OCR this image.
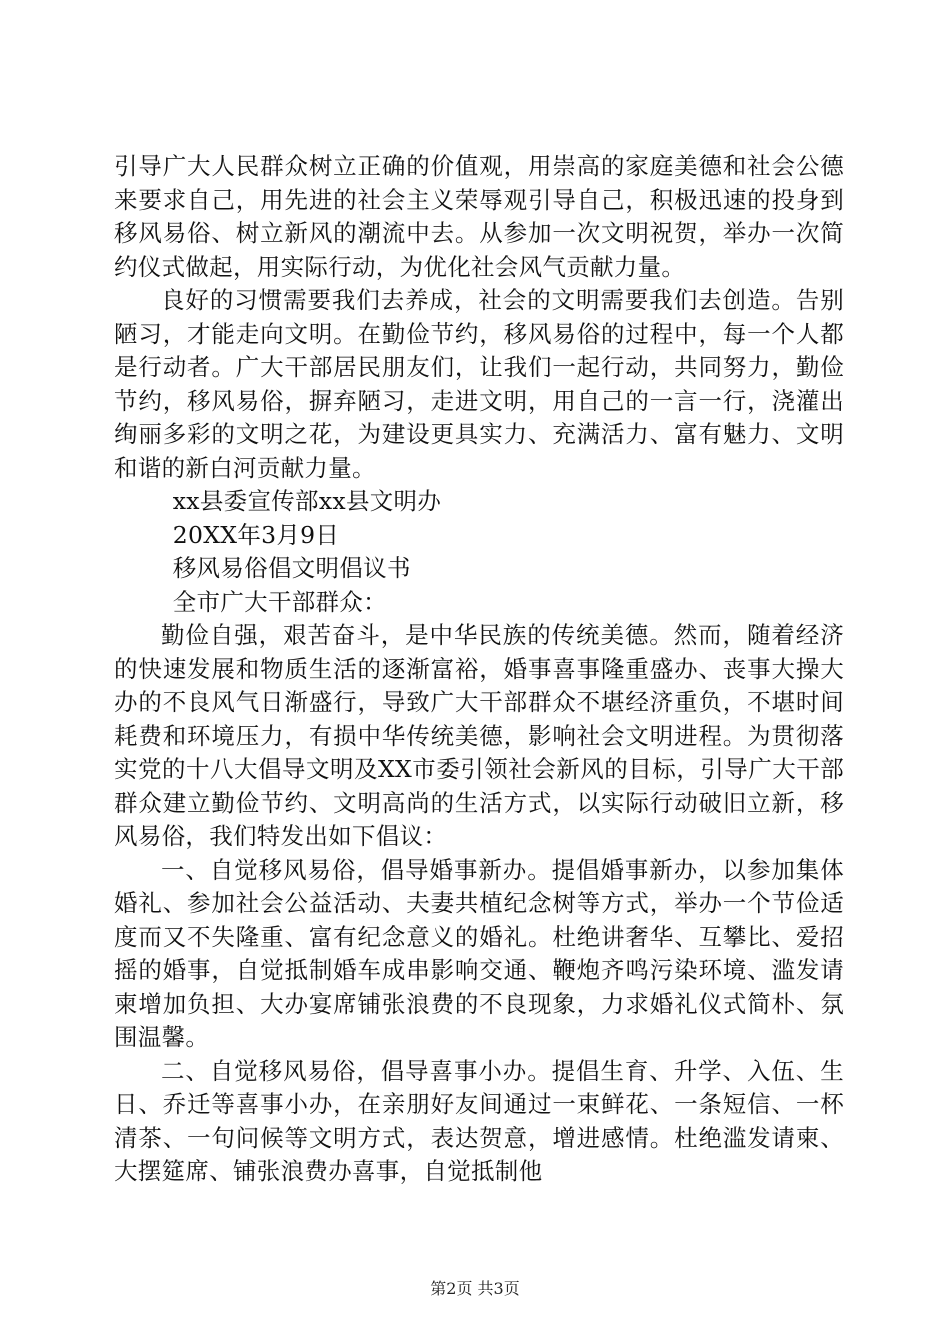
引导广大人民群众树立正确的价值观，用崇高的家庭美德和社会公德来要求自己，用先进的社会主义荣辱观引导自己，积极迅速的投身到移风易俗、树立新风的潮流中去。从参加一次文明祝贺，举办一次简约仪式做起，用实际行动，为优化社会风气贡献力量。

良好的习惯需要我们去养成，社会的文明需要我们去创造。告别陋习，才能走向文明。在勤俭节约，移风易俗的过程中，每一个人都是行动者。广大干部居民朋友们，让我们一起行动，共同努力，勤俭节约，移风易俗，摒弃陋习，走进文明，用自己的一言一行，浇灌出绚丽多彩的文明之花，为建设更具实力、充满活力、富有魅力、文明和谐的新白河贡献力量。

xx县委宣传部xx县文明办

20XX年3月9日

移风易俗倡文明倡议书

全市广大干部群众：

勤俭自强，艰苦奋斗，是中华民族的传统美德。然而，随着经济的快速发展和物质生活的逐渐富裕，婚事喜事隆重盛办、丧事大操大办的不良风气日渐盛行，导致广大干部群众不堪经济重负，不堪时间耗费和环境压力，有损中华传统美德，影响社会文明进程。为贯彻落实党的十八大倡导文明及XX市委引领社会新风的目标，引导广大干部群众建立勤俭节约、文明高尚的生活方式，以实际行动破旧立新，移风易俗，我们特发出如下倡议：

一、自觉移风易俗，倡导婚事新办。提倡婚事新办，以参加集体婚礼、参加社会公益活动、夫妻共植纪念树等方式，举办一个节俭适度而又不失隆重、富有纪念意义的婚礼。杜绝讲奢华、互攀比、爱招摇的婚事，自觉抵制婚车成串影响交通、鞭炮齐鸣污染环境、滥发请柬增加负担、大办宴席铺张浪费的不良现象，力求婚礼仪式简朴、氛围温馨。

二、自觉移风易俗，倡导喜事小办。提倡生育、升学、入伍、生日、乔迁等喜事小办，在亲朋好友间通过一束鲜花、一条短信、一杯清茶、一句问候等文明方式，表达贺意，增进感情。杜绝滥发请柬、大摆筵席、铺张浪费办喜事，自觉抵制他

第2页 共3页
